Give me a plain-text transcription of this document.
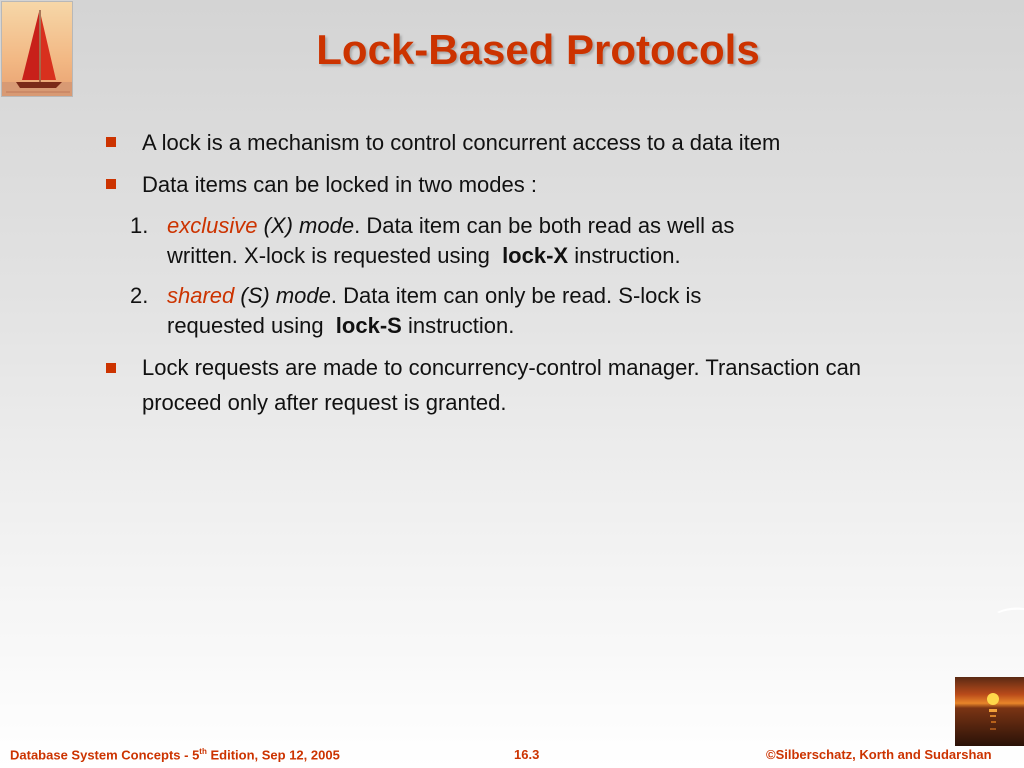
Lock-Based Protocols
A lock is a mechanism to control concurrent access to a data item
Data items can be locked in two modes :
1. exclusive (X) mode. Data item can be both read as well as
written. X-lock is requested using lock-X instruction.
2. shared (S) mode. Data item can only be read. S-lock is
requested using lock-S instruction.
Lock requests are made to concurrency-control manager. Transaction can
proceed only after request is granted.
Database System Concepts - 5th Edition, Sep 12, 2005	16.3	©Silberschatz, Korth and Sudarshan
